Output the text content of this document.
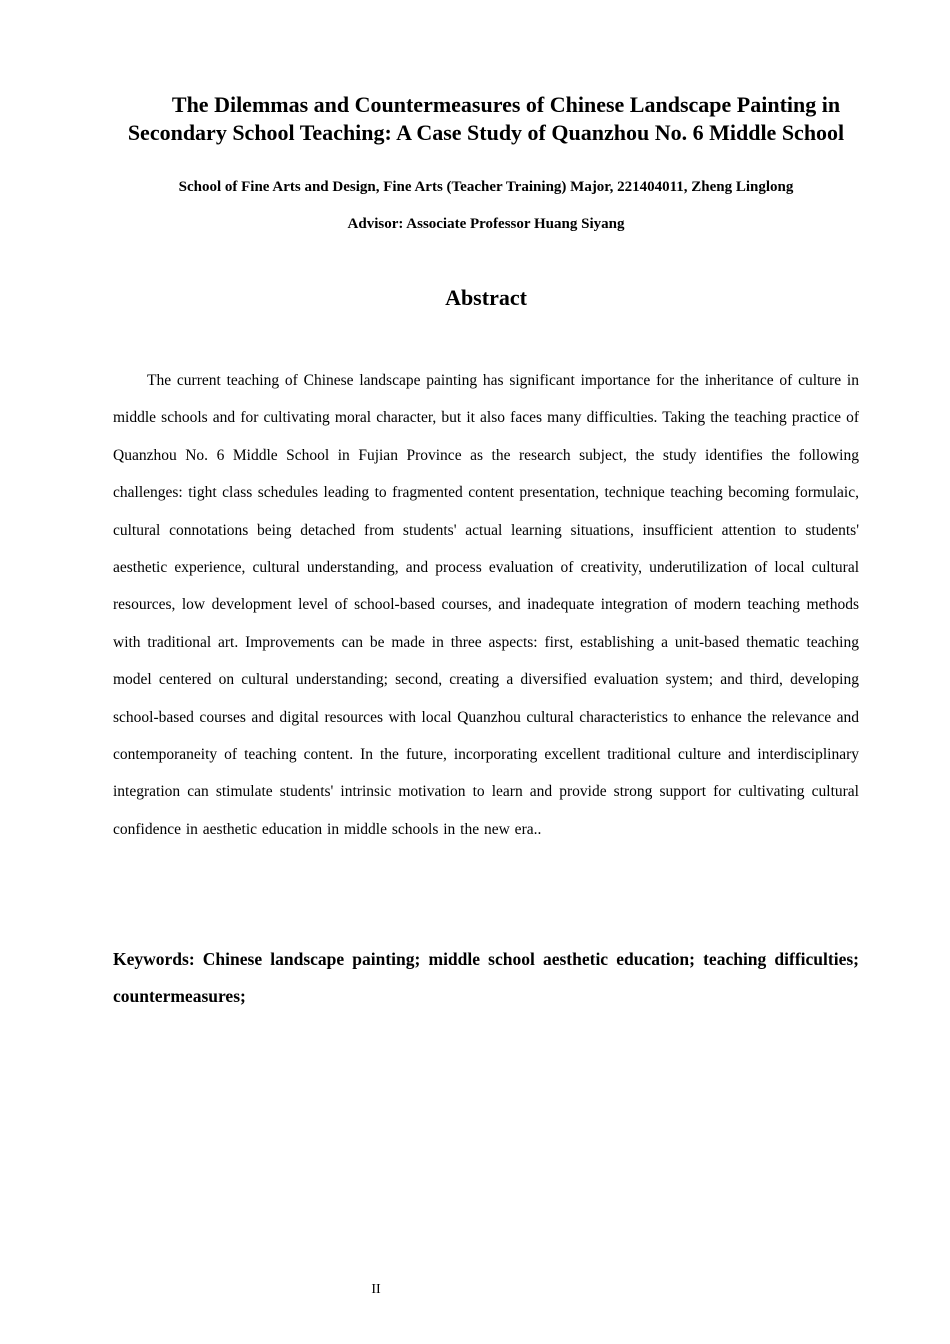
The Dilemmas and Countermeasures of Chinese Landscape Painting in Secondary School Teaching: A Case Study of Quanzhou No. 6 Middle School

School of Fine Arts and Design, Fine Arts (Teacher Training) Major, 221404011, Zheng Linglong

Advisor: Associate Professor Huang Siyang

Abstract

The current teaching of Chinese landscape painting has significant importance for the inheritance of culture in middle schools and for cultivating moral character, but it also faces many difficulties. Taking the teaching practice of Quanzhou No. 6 Middle School in Fujian Province as the research subject, the study identifies the following challenges: tight class schedules leading to fragmented content presentation, technique teaching becoming formulaic, cultural connotations being detached from students' actual learning situations, insufficient attention to students' aesthetic experience, cultural understanding, and process evaluation of creativity, underutilization of local cultural resources, low development level of school-based courses, and inadequate integration of modern teaching methods with traditional art. Improvements can be made in three aspects: first, establishing a unit-based thematic teaching model centered on cultural understanding; second, creating a diversified evaluation system; and third, developing school-based courses and digital resources with local Quanzhou cultural characteristics to enhance the relevance and contemporaneity of teaching content. In the future, incorporating excellent traditional culture and interdisciplinary integration can stimulate students' intrinsic motivation to learn and provide strong support for cultivating cultural confidence in aesthetic education in middle schools in the new era..

Keywords: Chinese landscape painting; middle school aesthetic education; teaching difficulties; countermeasures;

II
